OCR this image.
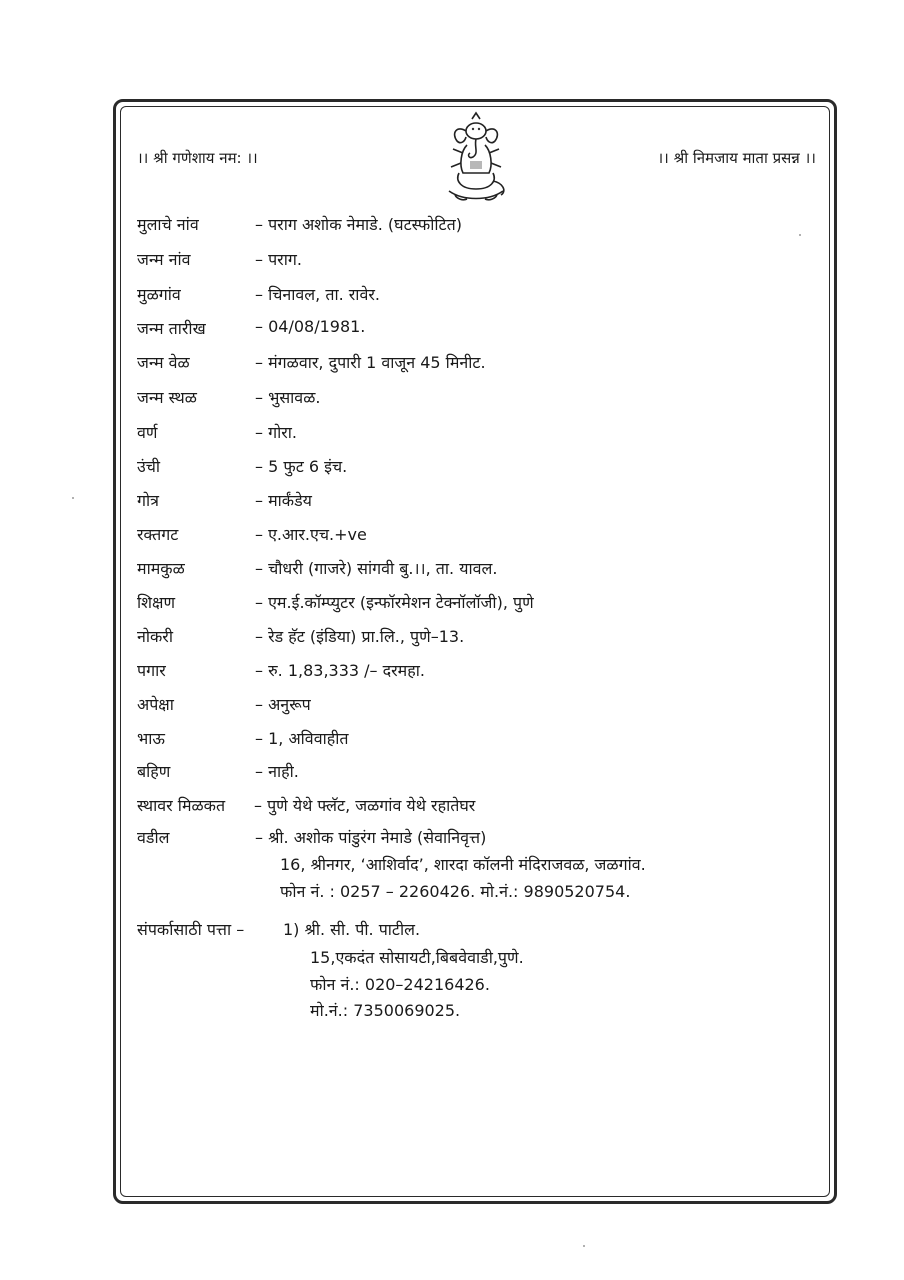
।। श्री गणेशाय नम: ।।	।। श्री निमजाय माता प्रसन्न ।।
मुलाचे नांव	– पराग अशोक नेमाडे. (घटस्फोटित)
जन्म नांव	– पराग.
मुळगांव	– चिनावल, ता. रावेर.
जन्म तारीख	– 04/08/1981.
जन्म वेळ	– मंगळवार, दुपारी 1 वाजून 45 मिनीट.
जन्म स्थळ	– भुसावळ.
वर्ण	– गोरा.
उंची	– 5 फुट 6 इंच.
गोत्र	– मार्कंडेय
रक्तगट	– ए.आर.एच.+ve
मामकुळ	– चौधरी (गाजरे) सांगवी बु.।।, ता. यावल.
शिक्षण	– एम.ई.कॉम्प्युटर (इन्फॉरमेशन टेक्नॉलॉजी), पुणे
नोकरी	– रेड हॅट (इंडिया) प्रा.लि., पुणे–13.
पगार	– रु. 1,83,333 /– दरमहा.
अपेक्षा	– अनुरूप
भाऊ	– 1, अविवाहीत
बहिण	– नाही.
स्थावर मिळकत – पुणे येथे फ्लॅट, जळगांव येथे रहातेघर
वडील	– श्री. अशोक पांडुरंग नेमाडे (सेवानिवृत्त)
16, श्रीनगर, ‘आशिर्वाद’, शारदा कॉलनी मंदिराजवळ, जळगांव.
फोन नं. : 0257 – 2260426. मो.नं.: 9890520754.
संपर्कासाठी पत्ता – 1) श्री. सी. पी. पाटील.
15,एकदंत सोसायटी,बिबवेवाडी,पुणे.
फोन नं.: 020–24216426.
मो.नं.: 7350069025.
